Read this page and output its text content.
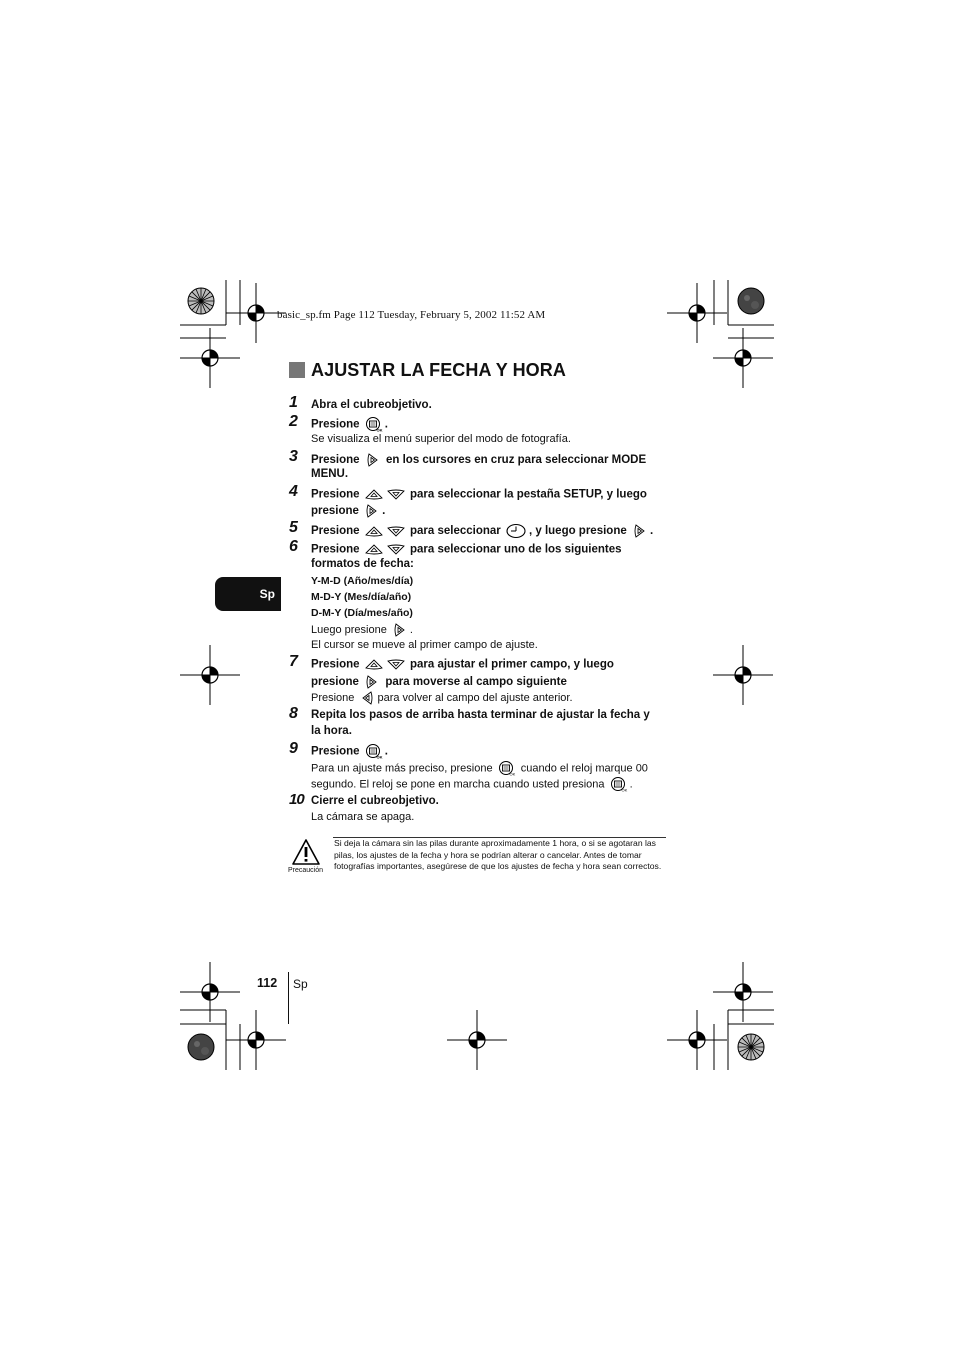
basic_sp.fm Page 112 Tuesday, February 5, 2002 11:52 AM
AJUSTAR LA FECHA Y HORA
Sp
1 Abra el cubreobjetivo.
2 Presione .
Se visualiza el menú superior del modo de fotografía.
3 Presione en los cursores en cruz para seleccionar MODE
MENU.
4 Presione	para seleccionar la pestaña SETUP, y luego
presione .
5 Presione	para seleccionar , y luego presione .
6 Presione	para seleccionar uno de los siguientes
formatos de fecha:
Y-M-D (Año/mes/día)
M-D-Y (Mes/día/año)
D-M-Y (Día/mes/año)
Luego presione .
El cursor se mueve al primer campo de ajuste.
7 Presione	para ajustar el primer campo, y luego
presione para moverse al campo siguiente
Presione para volver al campo del ajuste anterior.
8 Repita los pasos de arriba hasta terminar de ajustar la fecha y
la hora.
9 Presione .
Para un ajuste más preciso, presione	cuando el reloj marque 00
segundo. El reloj se pone en marcha cuando usted presiona .
10 Cierre el cubreobjetivo.
La cámara se apaga.
Precaución
Si deja la cámara sin las pilas durante aproximadamente 1 hora, o si se agotaran las pilas, los ajustes de la fecha y hora se podrían alterar o cancelar. Antes de tomar fotografías importantes, asegúrese de que los ajustes de fecha y hora sean correctos.
112 Sp
